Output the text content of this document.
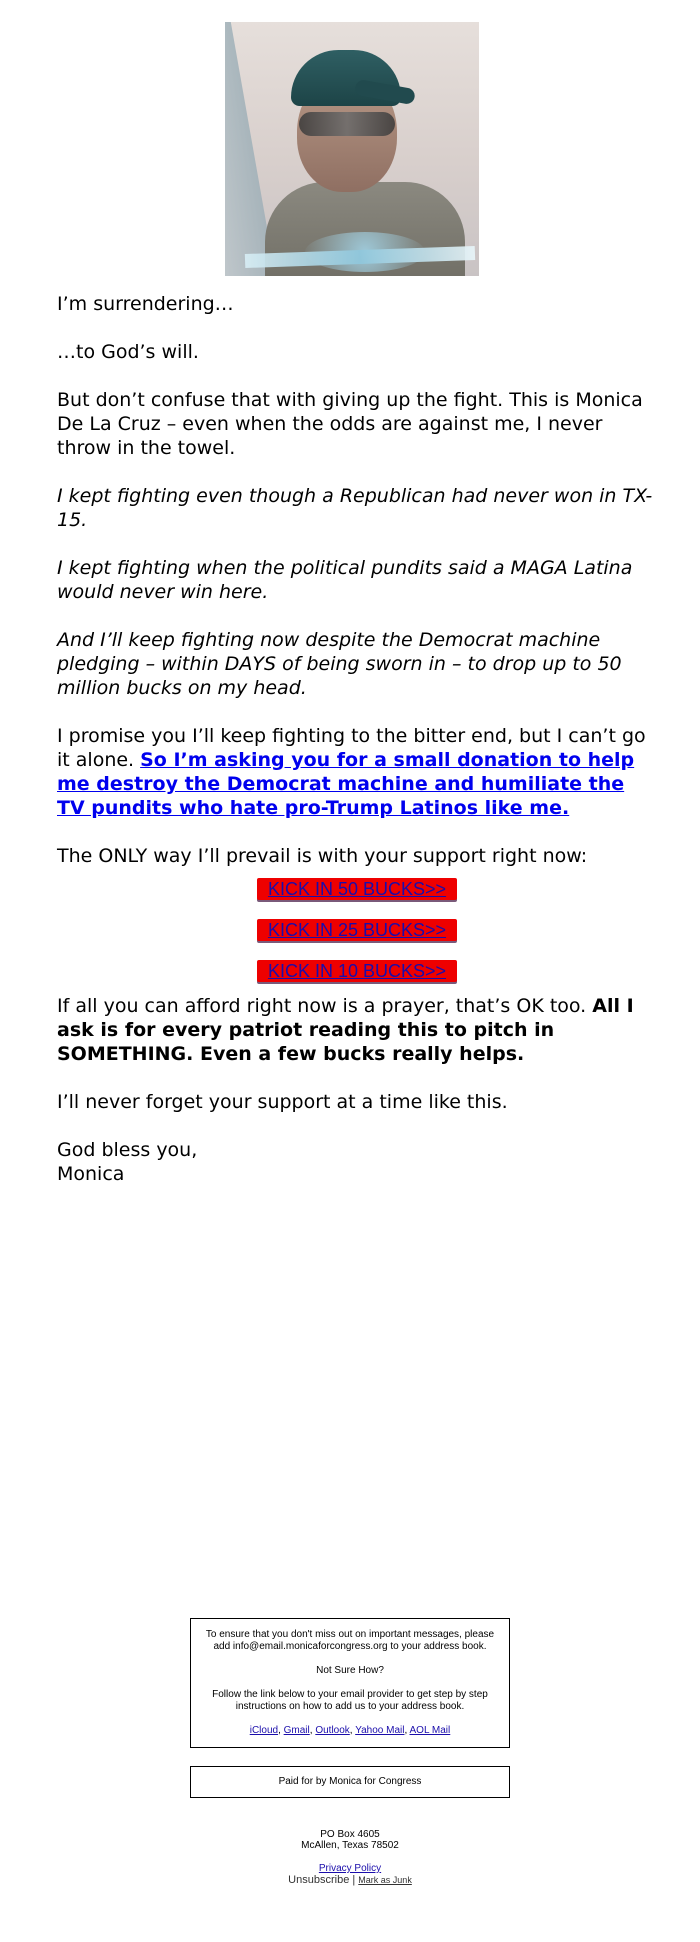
I’m surrendering…

…to God’s will.

But don’t confuse that with giving up the fight. This is Monica De La Cruz – even when the odds are against me, I never throw in the towel.

I kept fighting even though a Republican had never won in TX-15.

I kept fighting when the political pundits said a MAGA Latina would never win here.

And I’ll keep fighting now despite the Democrat machine pledging – within DAYS of being sworn in – to drop up to 50 million bucks on my head.

I promise you I’ll keep fighting to the bitter end, but I can’t go it alone. So I’m asking you for a small donation to help me destroy the Democrat machine and humiliate the TV pundits who hate pro-Trump Latinos like me.

The ONLY way I’ll prevail is with your support right now:

KICK IN 50 BUCKS>>
KICK IN 25 BUCKS>>
KICK IN 10 BUCKS>>

If all you can afford right now is a prayer, that’s OK too. All I ask is for every patriot reading this to pitch in SOMETHING. Even a few bucks really helps.

I’ll never forget your support at a time like this.

God bless you,
Monica

To ensure that you don't miss out on important messages, please add info@email.monicaforcongress.org to your address book.

Not Sure How?

Follow the link below to your email provider to get step by step instructions on how to add us to your address book.

iCloud, Gmail, Outlook, Yahoo Mail, AOL Mail

Paid for by Monica for Congress
PO Box 4605
McAllen, Texas 78502
Privacy Policy
Unsubscribe | Mark as Junk
